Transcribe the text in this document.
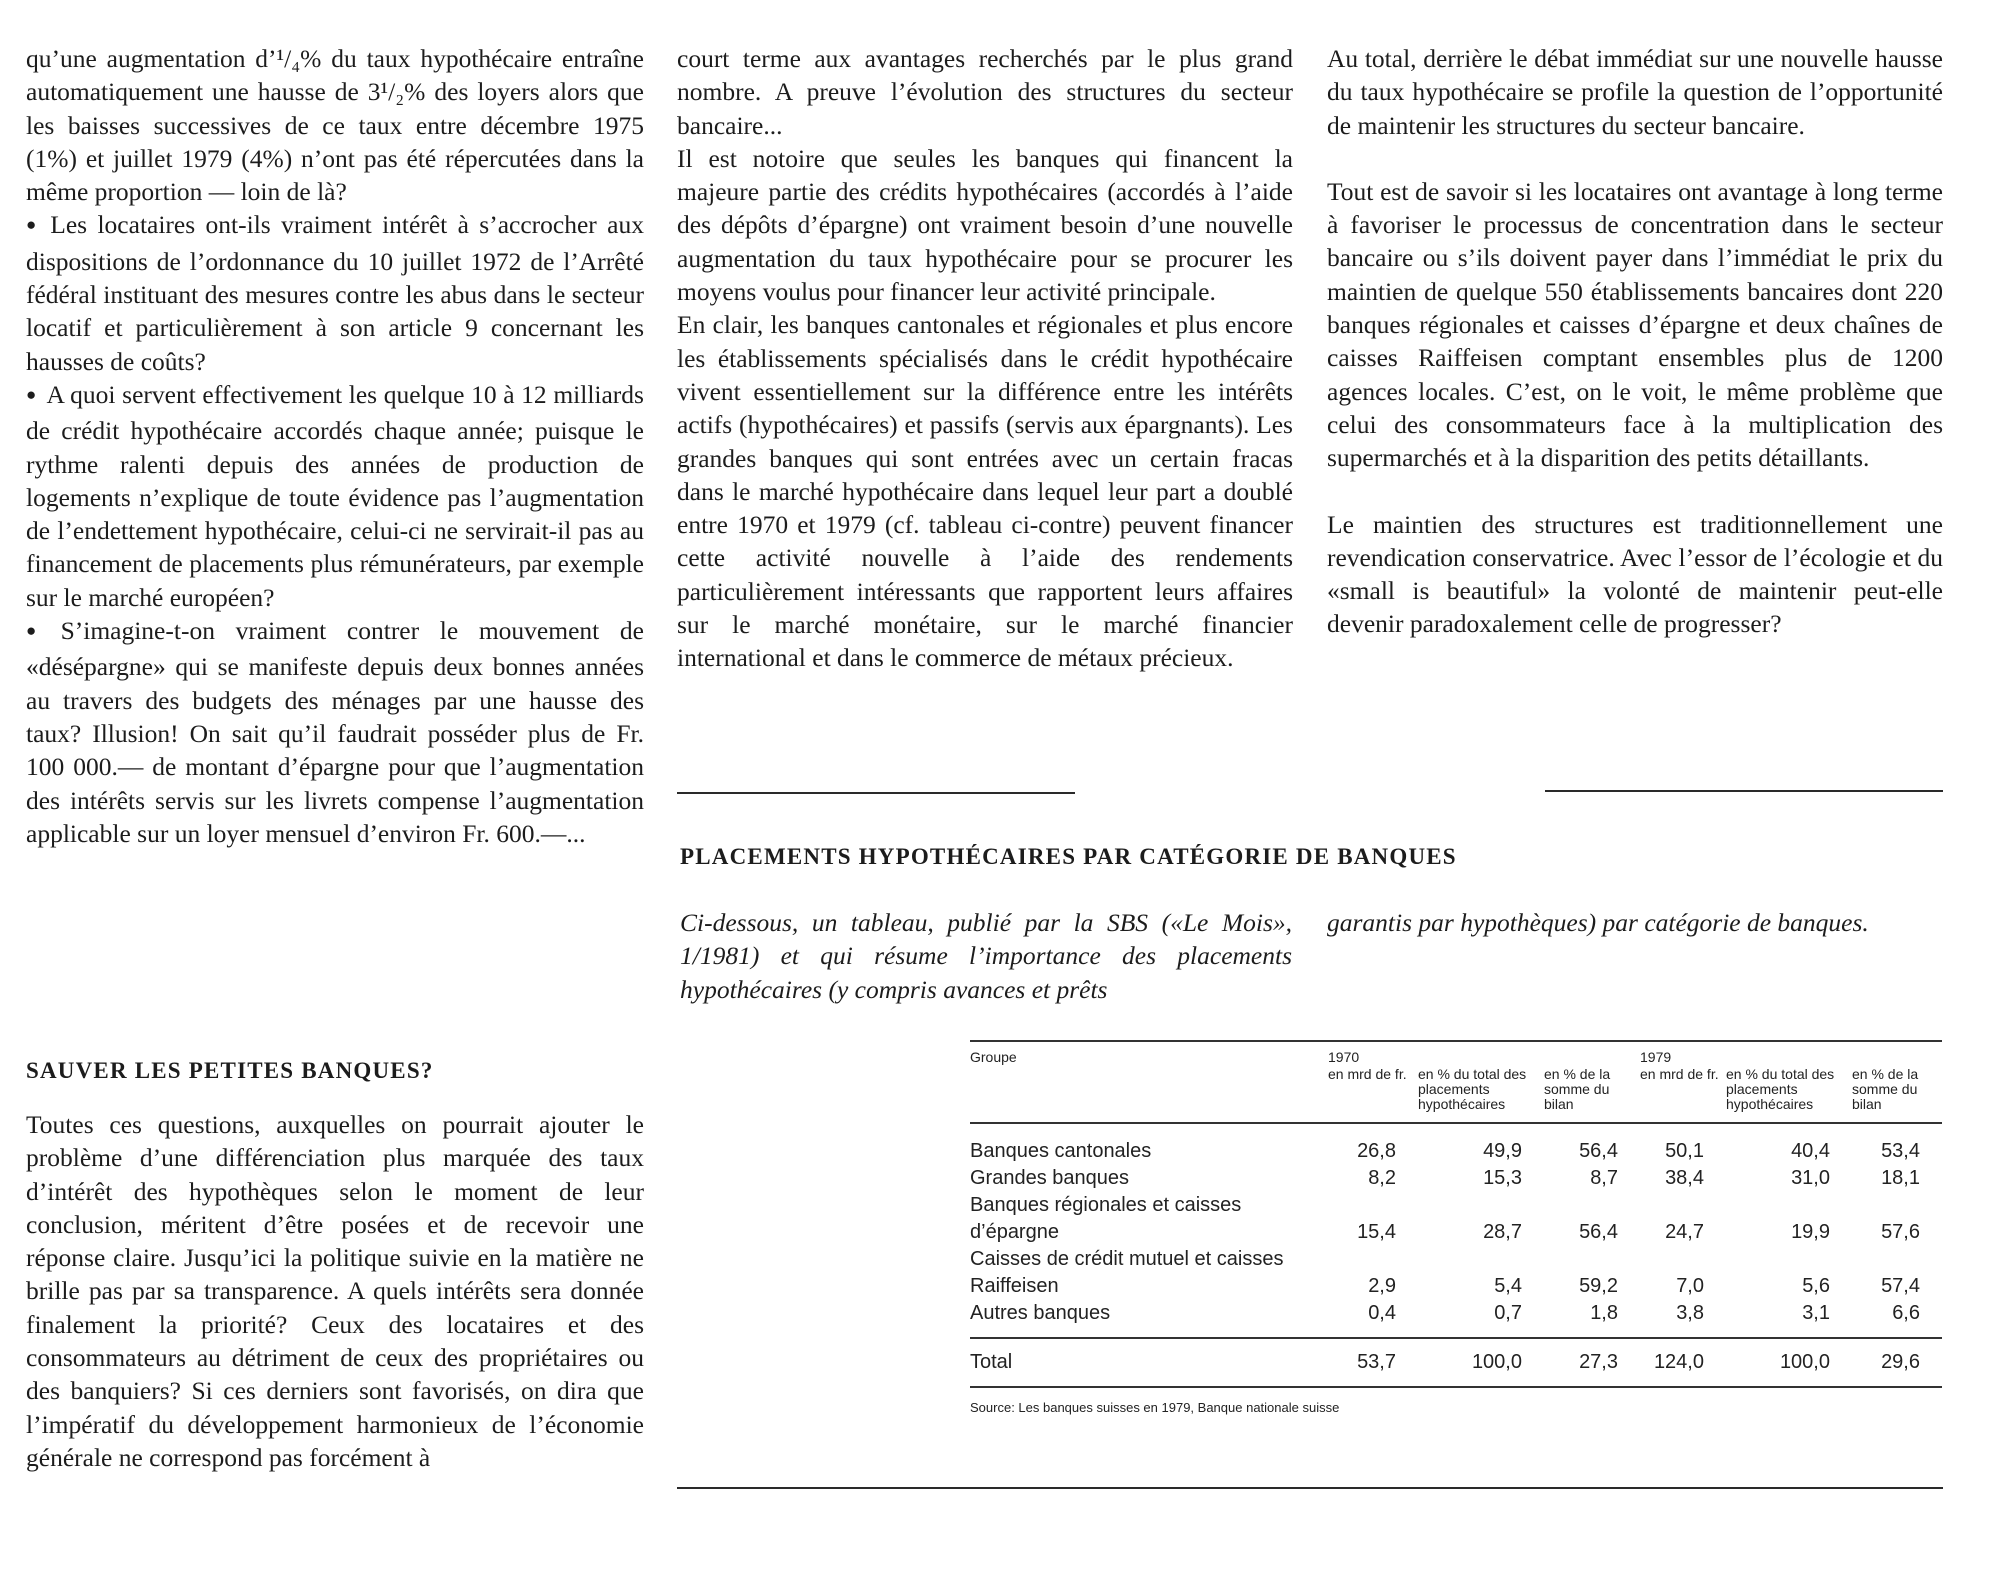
qu’une augmentation d’¹/₄% du taux hypothécaire entraîne automatiquement une hausse de 3¹/₂% des loyers alors que les baisses successives de ce taux entre décembre 1975 (1%) et juillet 1979 (4%) n’ont pas été répercutées dans la même proportion — loin de là?

● Les locataires ont-ils vraiment intérêt à s’accrocher aux dispositions de l’ordonnance du 10 juillet 1972 de l’Arrêté fédéral instituant des mesures contre les abus dans le secteur locatif et particulièrement à son article 9 concernant les hausses de coûts?

● A quoi servent effectivement les quelque 10 à 12 milliards de crédit hypothécaire accordés chaque année; puisque le rythme ralenti depuis des années de production de logements n’explique de toute évidence pas l’augmentation de l’endettement hypothécaire, celui-ci ne servirait-il pas au financement de placements plus rémunérateurs, par exemple sur le marché européen?

● S’imagine-t-on vraiment contrer le mouvement de «désépargne» qui se manifeste depuis deux bonnes années au travers des budgets des ménages par une hausse des taux? Illusion! On sait qu’il faudrait posséder plus de Fr. 100 000.— de montant d’épargne pour que l’augmentation des intérêts servis sur les livrets compense l’augmentation applicable sur un loyer mensuel d’environ Fr. 600.—...

SAUVER LES PETITES BANQUES?

Toutes ces questions, auxquelles on pourrait ajouter le problème d’une différenciation plus marquée des taux d’intérêt des hypothèques selon le moment de leur conclusion, méritent d’être posées et de recevoir une réponse claire. Jusqu’ici la politique suivie en la matière ne brille pas par sa transparence. A quels intérêts sera donnée finalement la priorité? Ceux des locataires et des consommateurs au détriment de ceux des propriétaires ou des banquiers? Si ces derniers sont favorisés, on dira que l’impératif du développement harmonieux de l’économie générale ne correspond pas forcément à

court terme aux avantages recherchés par le plus grand nombre. A preuve l’évolution des structures du secteur bancaire...

Il est notoire que seules les banques qui financent la majeure partie des crédits hypothécaires (accordés à l’aide des dépôts d’épargne) ont vraiment besoin d’une nouvelle augmentation du taux hypothécaire pour se procurer les moyens voulus pour financer leur activité principale.

En clair, les banques cantonales et régionales et plus encore les établissements spécialisés dans le crédit hypothécaire vivent essentiellement sur la différence entre les intérêts actifs (hypothécaires) et passifs (servis aux épargnants). Les grandes banques qui sont entrées avec un certain fracas dans le marché hypothécaire dans lequel leur part a doublé entre 1970 et 1979 (cf. tableau ci-contre) peuvent financer cette activité nouvelle à l’aide des rendements particulièrement intéressants que rapportent leurs affaires sur le marché monétaire, sur le marché financier international et dans le commerce de métaux précieux.

Au total, derrière le débat immédiat sur une nouvelle hausse du taux hypothécaire se profile la question de l’opportunité de maintenir les structures du secteur bancaire.

Tout est de savoir si les locataires ont avantage à long terme à favoriser le processus de concentration dans le secteur bancaire ou s’ils doivent payer dans l’immédiat le prix du maintien de quelque 550 établissements bancaires dont 220 banques régionales et caisses d’épargne et deux chaînes de caisses Raiffeisen comptant ensembles plus de 1200 agences locales. C’est, on le voit, le même problème que celui des consommateurs face à la multiplication des supermarchés et à la disparition des petits détaillants.

Le maintien des structures est traditionnellement une revendication conservatrice. Avec l’essor de l’écologie et du «small is beautiful» la volonté de maintenir peut-elle devenir paradoxalement celle de progresser?

PLACEMENTS HYPOTHÉCAIRES PAR CATÉGORIE DE BANQUES

Ci-dessous, un tableau, publié par la SBS («Le Mois», 1/1981) et qui résume l’importance des placements hypothécaires (y compris avances et prêts

garantis par hypothèques) par catégorie de banques.

Groupe	1970			1979		
	en mrd de fr.	en % du total des placements hypothécaires	en % de la somme du bilan	en mrd de fr.	en % du total des placements hypothécaires	en % de la somme du bilan
Banques cantonales	26,8	49,9	56,4	50,1	40,4	53,4
Grandes banques	8,2	15,3	8,7	38,4	31,0	18,1
Banques régionales et caisses						
d’épargne	15,4	28,7	56,4	24,7	19,9	57,6
Caisses de crédit mutuel et caisses						
Raiffeisen	2,9	5,4	59,2	7,0	5,6	57,4
Autres banques	0,4	0,7	1,8	3,8	3,1	6,6
Total	53,7	100,0	27,3	124,0	100,0	29,6
Source: Les banques suisses en 1979, Banque nationale suisse
